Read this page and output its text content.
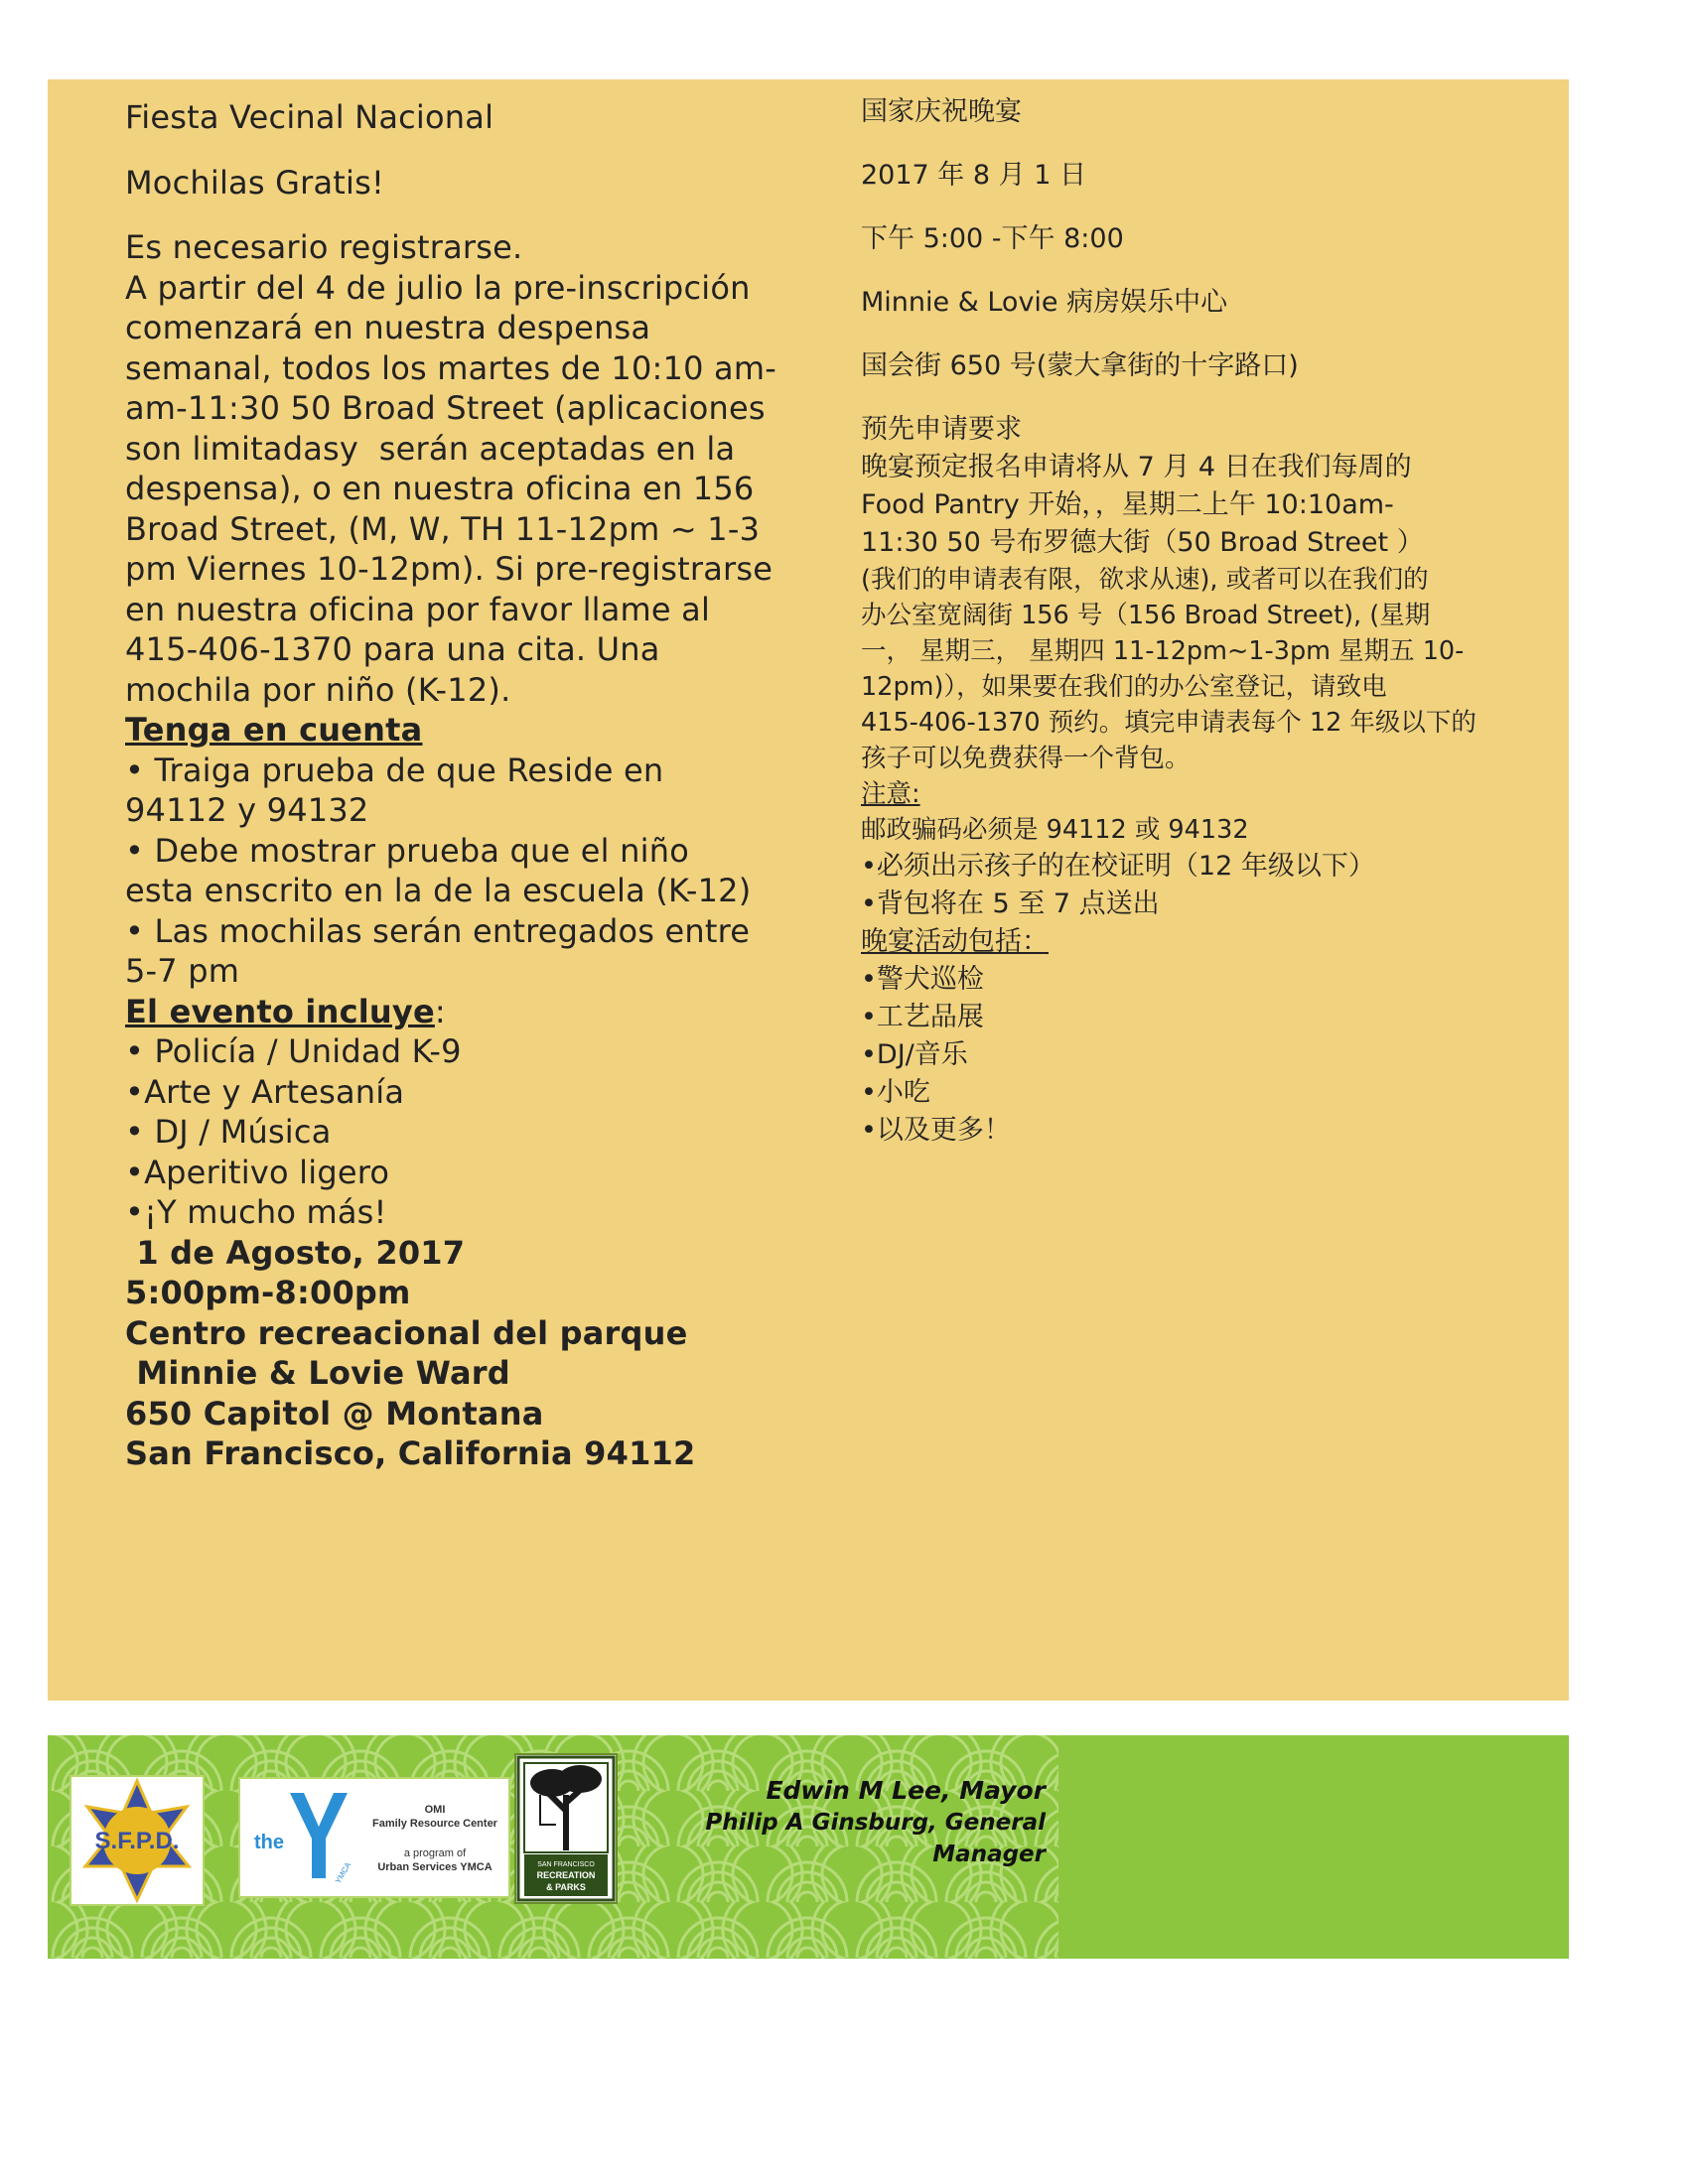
Fiesta Vecinal Nacional
Mochilas Gratis!
Es necesario registrarse.
A partir del 4 de julio la pre-inscripción
comenzará en nuestra despensa
semanal, todos los martes de 10:10 am-
am-11:30 50 Broad Street (aplicaciones
son limitadasy  serán aceptadas en la
despensa), o en nuestra oficina en 156
Broad Street, (M, W, TH 11-12pm ~ 1-3
pm Viernes 10-12pm). Si pre-registrarse
en nuestra oficina por favor llame al
415-406-1370 para una cita. Una
mochila por niño (K-12).
Tenga en cuenta
• Traiga prueba de que Reside en
94112 y 94132
• Debe mostrar prueba que el niño
esta enscrito en la de la escuela (K-12)
• Las mochilas serán entregados entre
5-7 pm
El evento incluye:
• Policía / Unidad K-9
•Arte y Artesanía
• DJ / Música
•Aperitivo ligero
•¡Y mucho más!
1 de Agosto, 2017
5:00pm-8:00pm
Centro recreacional del parque
Minnie & Lovie Ward
650 Capitol @ Montana
San Francisco, California 94112
国家庆祝晚宴
2017 年 8 月 1 日
下午 5:00 -下午 8:00
Minnie & Lovie 病房娱乐中心
国会街 650 号(蒙大拿街的十字路口)
预先申请要求
晚宴预定报名申请将从 7 月 4 日在我们每周的
Food Pantry 开始，，星期二上午 10:10am-
11:30 50 号布罗德大街（50 Broad Street ）
(我们的申请表有限，欲求从速), 或者可以在我们的
办公室宽阔街 156 号（156 Broad Street), (星期
一， 星期三， 星期四 11-12pm~1-3pm 星期五 10-
12pm)），如果要在我们的办公室登记，请致电
415-406-1370 预约。填完申请表每个 12 年级以下的
孩子可以免费获得一个背包。
注意:
邮政骗码必须是 94112 或 94132
•必须出示孩子的在校证明（12 年级以下）
•背包将在 5 至 7 点送出
晚宴活动包括：
•警犬巡检
•工艺品展
•DJ/音乐
•小吃
•以及更多！
S.F.P.D.	the
YMCA
OMI
Family Resource Center
a program of
Urban Services YMCA	SAN FRANCISCO
RECREATION
& PARKS
Edwin M Lee, Mayor
Philip A Ginsburg, General Manager
